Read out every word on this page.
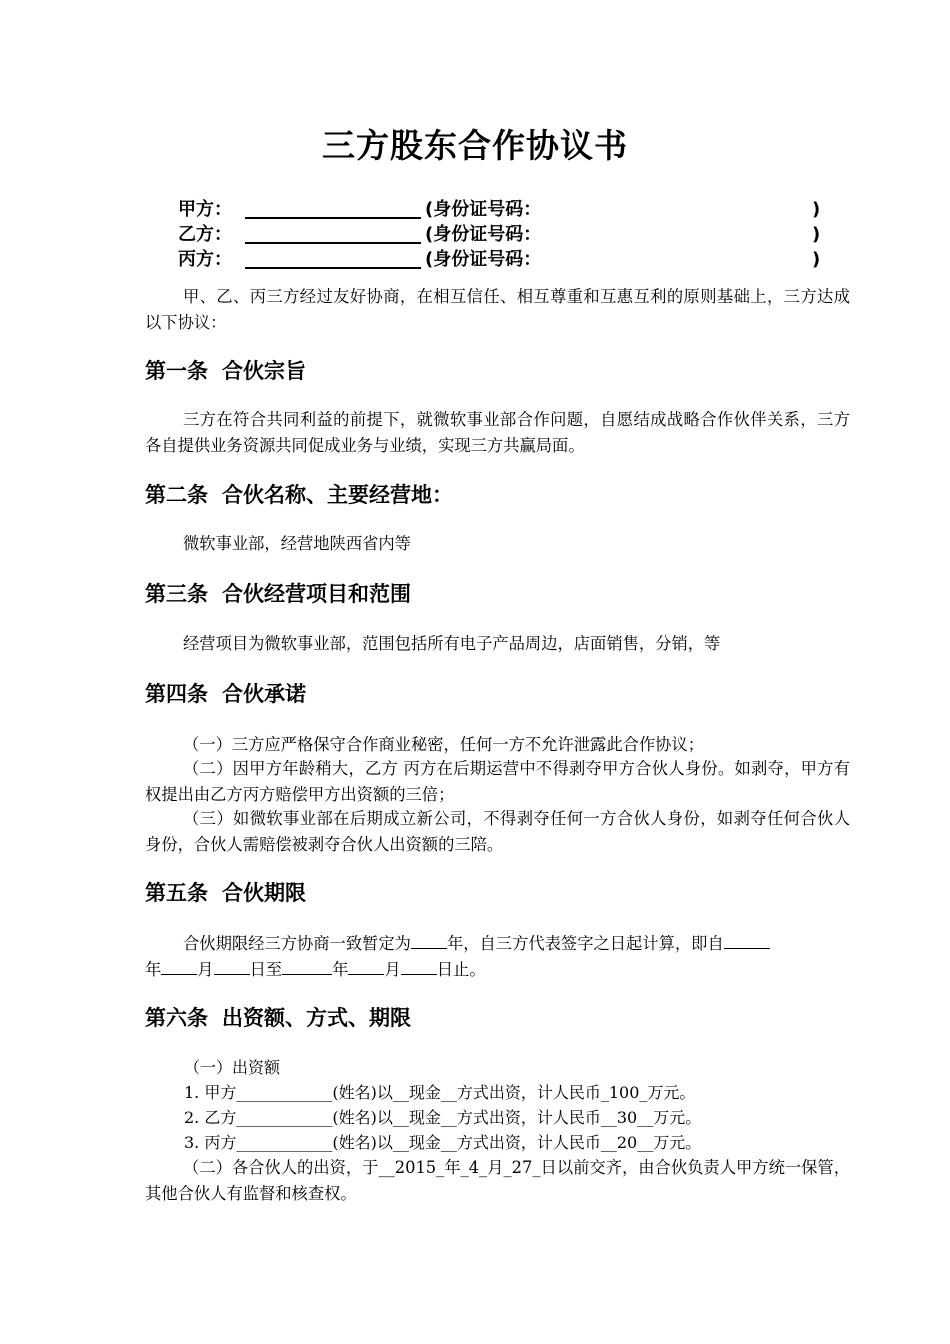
三方股东合作协议书
甲方：	(身份证号码：	)
乙方：	(身份证号码：	)
丙方：	(身份证号码：	)
甲、乙、丙三方经过友好协商，在相互信任、相互尊重和互惠互利的原则基础上，三方达成以下协议：
第一条 合伙宗旨
三方在符合共同利益的前提下，就微软事业部合作问题，自愿结成战略合作伙伴关系，三方各自提供业务资源共同促成业务与业绩，实现三方共赢局面。
第二条 合伙名称、主要经营地：
微软事业部，经营地陕西省内等
第三条 合伙经营项目和范围
经营项目为微软事业部，范围包括所有电子产品周边，店面销售，分销，等
第四条 合伙承诺
（一）三方应严格保守合作商业秘密，任何一方不允许泄露此合作协议；
（二）因甲方年龄稍大，乙方 丙方在后期运营中不得剥夺甲方合伙人身份。如剥夺，甲方有权提出由乙方丙方赔偿甲方出资额的三倍；
（三）如微软事业部在后期成立新公司，不得剥夺任何一方合伙人身份，如剥夺任何合伙人身份，合伙人需赔偿被剥夺合伙人出资额的三陪。
第五条 合伙期限
合伙期限经三方协商一致暂定为 年，自三方代表签字之日起计算，即自
年 月 日至	年 月 日止。
第六条 出资额、方式、期限
（一）出资额
1. 甲方____________(姓名)以__现金__方式出资，计人民币_100_万元。
2. 乙方____________(姓名)以__现金__方式出资，计人民币__30__万元。
3. 丙方____________(姓名)以__现金__方式出资，计人民币__20__万元。
（二）各合伙人的出资，于__2015_年_4_月_27_日以前交齐，由合伙负责人甲方统一保管，其他合伙人有监督和核查权。
